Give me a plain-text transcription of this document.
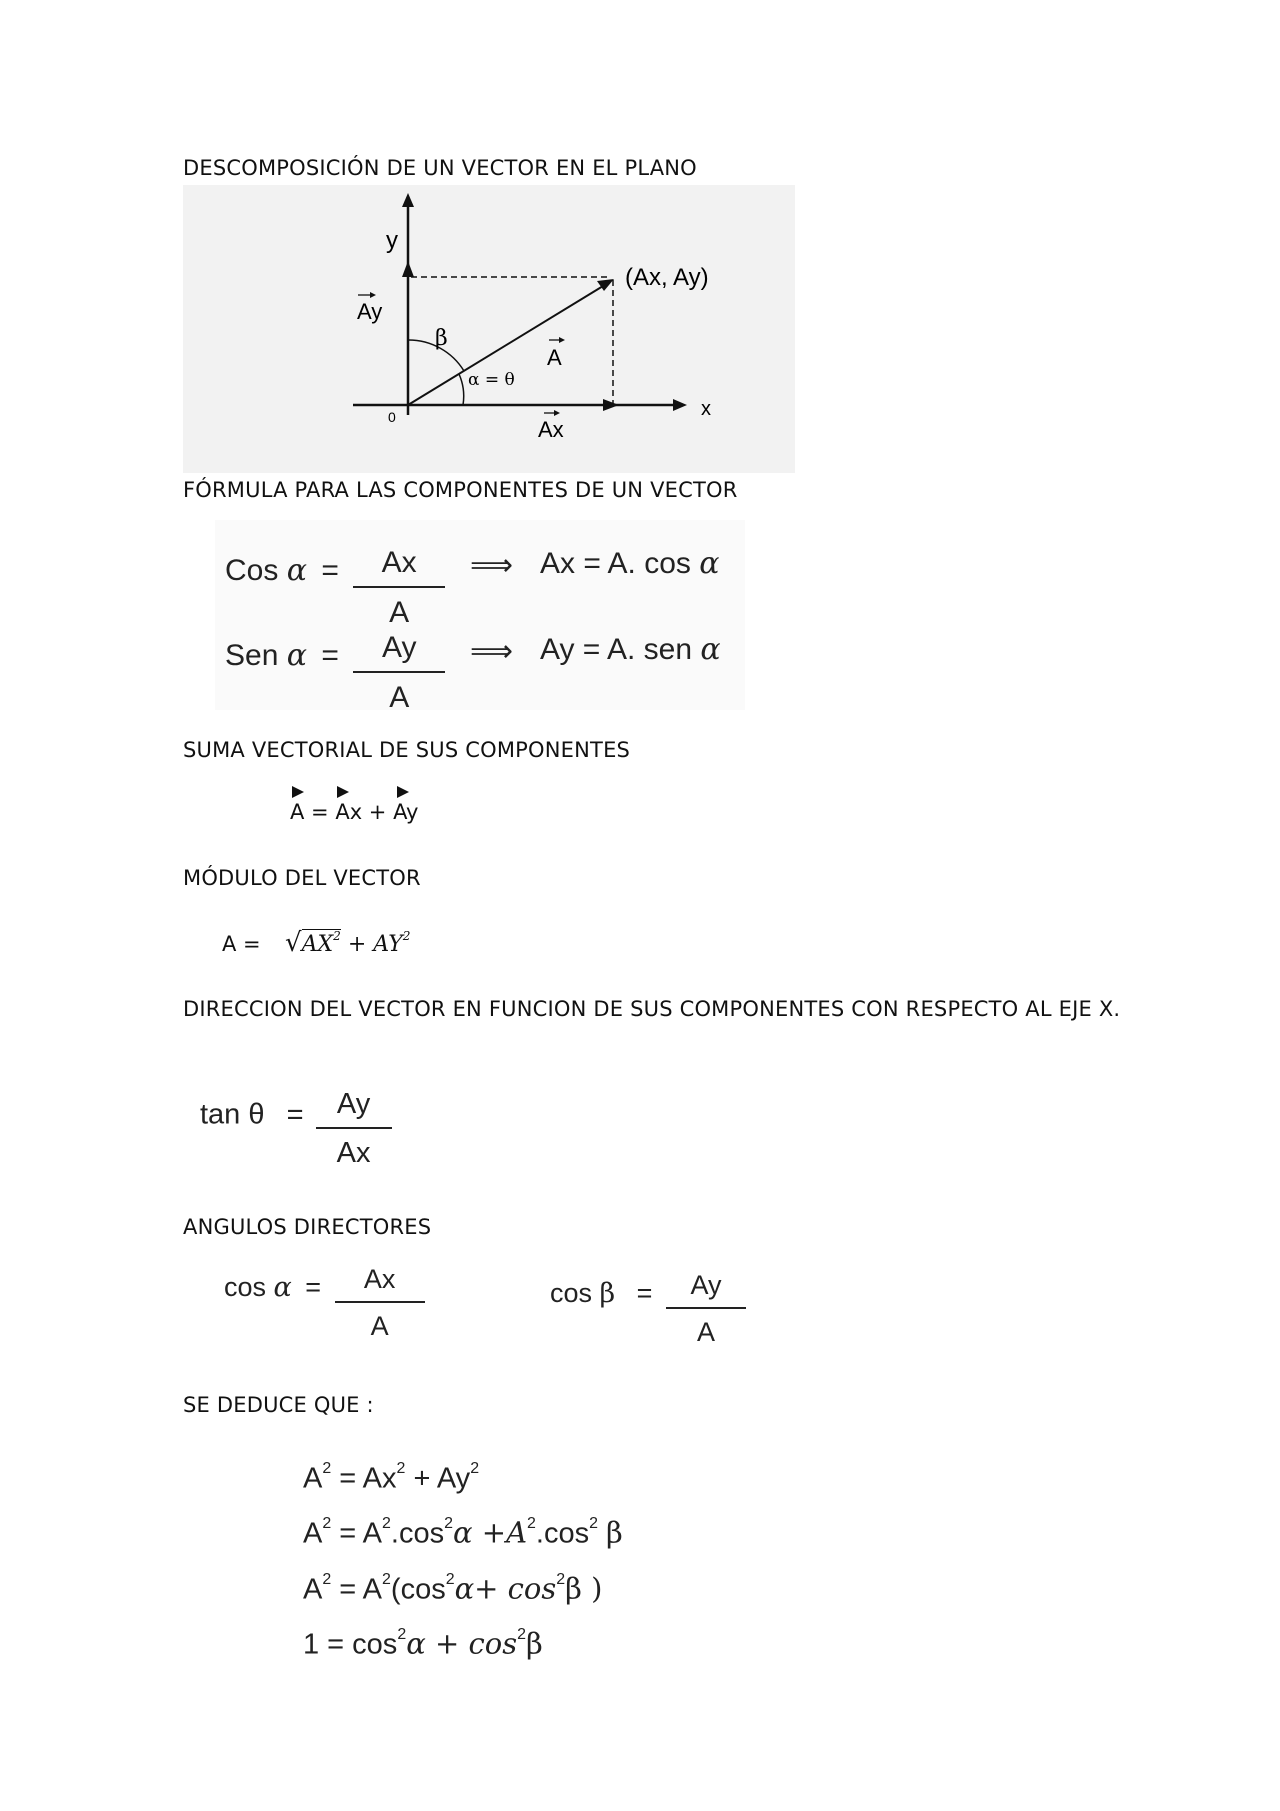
DESCOMPOSICIÓN DE UN VECTOR EN EL PLANO
y
x
0
(Ax, Ay)
A
Ay
Ax
β
α = θ
FÓRMULA PARA LAS COMPONENTES DE UN VECTOR
Cos $\alpha = \frac{Ax}{A}$ ⟹ Ax = A. cos α
Sen $\alpha = \frac{Ay}{A}$ ⟹ Ay = A. sen α
SUMA VECTORIAL DE SUS COMPONENTES
A =
Ax +
Ay
MÓDULO DEL VECTOR
$A = √AX^2 + AY^2$
DIRECCION DEL VECTOR EN FUNCION DE SUS COMPONENTES CON RESPECTO AL EJE X.
$\tan \theta = \frac{Ay}{Ax}$
ANGULOS DIRECTORES
$\cos \alpha = \frac{Ax}{A}$	$\cos \beta = \frac{Ay}{A}$
SE DEDUCE QUE :
$A^2 = Ax^2 + Ay^2$
$A^2 = A^2.\cos^2\alpha +A^2.\cos^2$ β
$A^2 = A^2(\cos^2\alpha+ \cos^2\beta$ )
$1 = \cos^2\alpha + \cos^2\beta$
